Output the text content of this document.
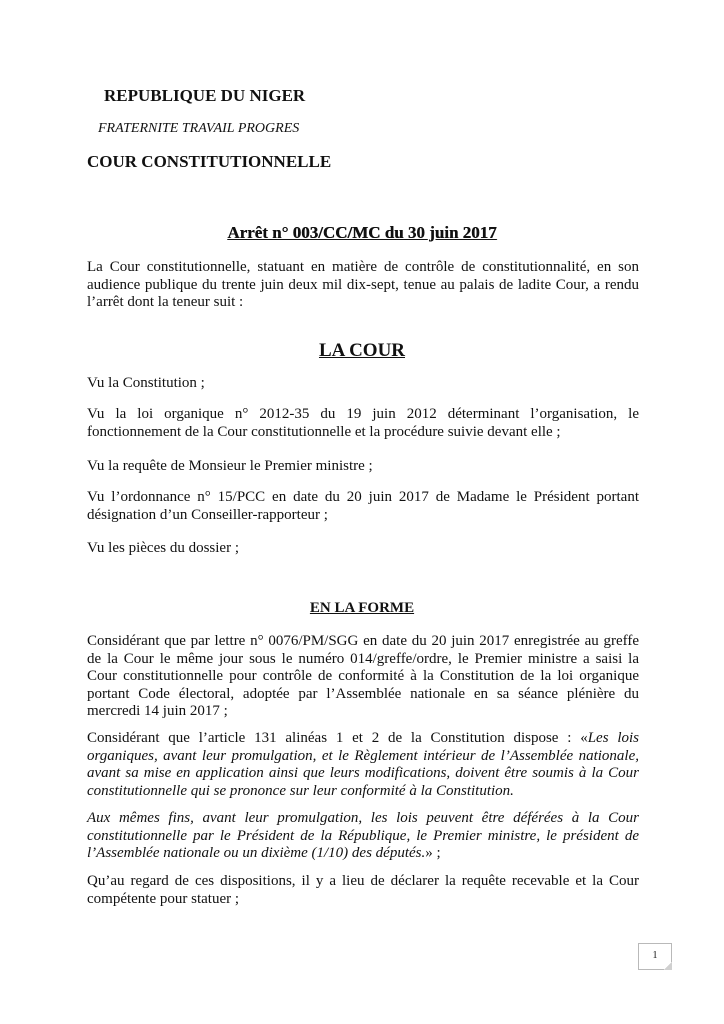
REPUBLIQUE DU NIGER
FRATERNITE TRAVAIL PROGRES
COUR CONSTITUTIONNELLE
Arrêt n° 003/CC/MC du 30 juin 2017
La Cour constitutionnelle, statuant en matière de contrôle de constitutionnalité, en son audience publique du trente juin deux mil dix-sept, tenue au palais de ladite Cour, a rendu l’arrêt dont la teneur suit :
LA COUR
Vu la Constitution ;
Vu la loi organique n° 2012-35 du 19 juin 2012 déterminant l’organisation, le fonctionnement de la Cour constitutionnelle et la procédure suivie devant elle ;
Vu la requête de Monsieur le Premier ministre ;
Vu l’ordonnance n° 15/PCC en date du 20 juin 2017 de Madame le Président portant désignation d’un Conseiller-rapporteur ;
Vu les pièces du dossier ;
EN LA FORME
Considérant que par lettre n° 0076/PM/SGG en date du 20 juin 2017 enregistrée au greffe de la Cour le même jour sous le numéro 014/greffe/ordre, le Premier ministre a saisi la Cour constitutionnelle pour contrôle de conformité à la Constitution de la loi organique portant Code électoral, adoptée par l’Assemblée nationale en sa séance plénière du mercredi 14 juin 2017 ;
Considérant que l’article 131 alinéas 1 et 2 de la Constitution dispose : «Les lois organiques, avant leur promulgation, et le Règlement intérieur de l’Assemblée nationale, avant sa mise en application ainsi que leurs modifications, doivent être soumis à la Cour constitutionnelle qui se prononce sur leur conformité à la Constitution.
Aux mêmes fins, avant leur promulgation, les lois peuvent être déférées à la Cour constitutionnelle par le Président de la République, le Premier ministre, le président de l’Assemblée nationale ou un dixième (1/10) des députés.» ;
Qu’au regard de ces dispositions, il y a lieu de déclarer la requête recevable et la Cour compétente pour statuer ;
1
